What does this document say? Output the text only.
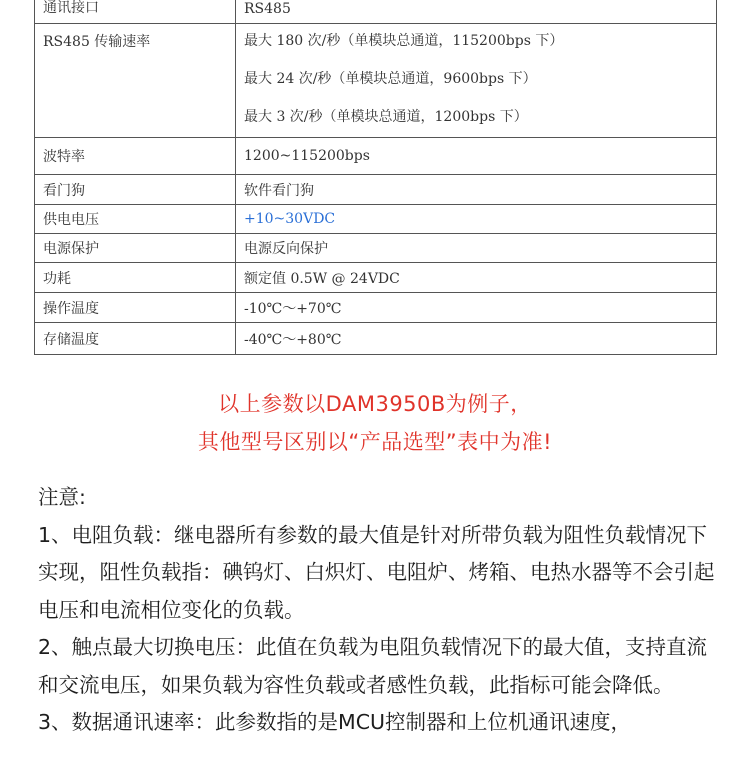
通讯接口	RS485
RS485 传输速率	最大 180 次/秒（单模块总通道，115200bps 下）
最大 24 次/秒（单模块总通道，9600bps 下）
最大 3 次/秒（单模块总通道，1200bps 下）

波特率	1200~115200bps
看门狗	软件看门狗
供电电压	+10~30VDC
电源保护	电源反向保护
功耗	额定值 0.5W @ 24VDC
操作温度	-10℃～+70℃
存储温度	-40℃～+80℃
以上参数以DAM3950B为例子，
其他型号区别以“产品选型”表中为准!

注意:

1、电阻负载：继电器所有参数的最大值是针对所带负载为阻性负载情况下实现，阻性负载指：碘钨灯、白炽灯、电阻炉、烤箱、电热水器等不会引起电压和电流相位变化的负载。

2、触点最大切换电压：此值在负载为电阻负载情况下的最大值，支持直流和交流电压，如果负载为容性负载或者感性负载，此指标可能会降低。

3、数据通讯速率：此参数指的是MCU控制器和上位机通讯速度，
